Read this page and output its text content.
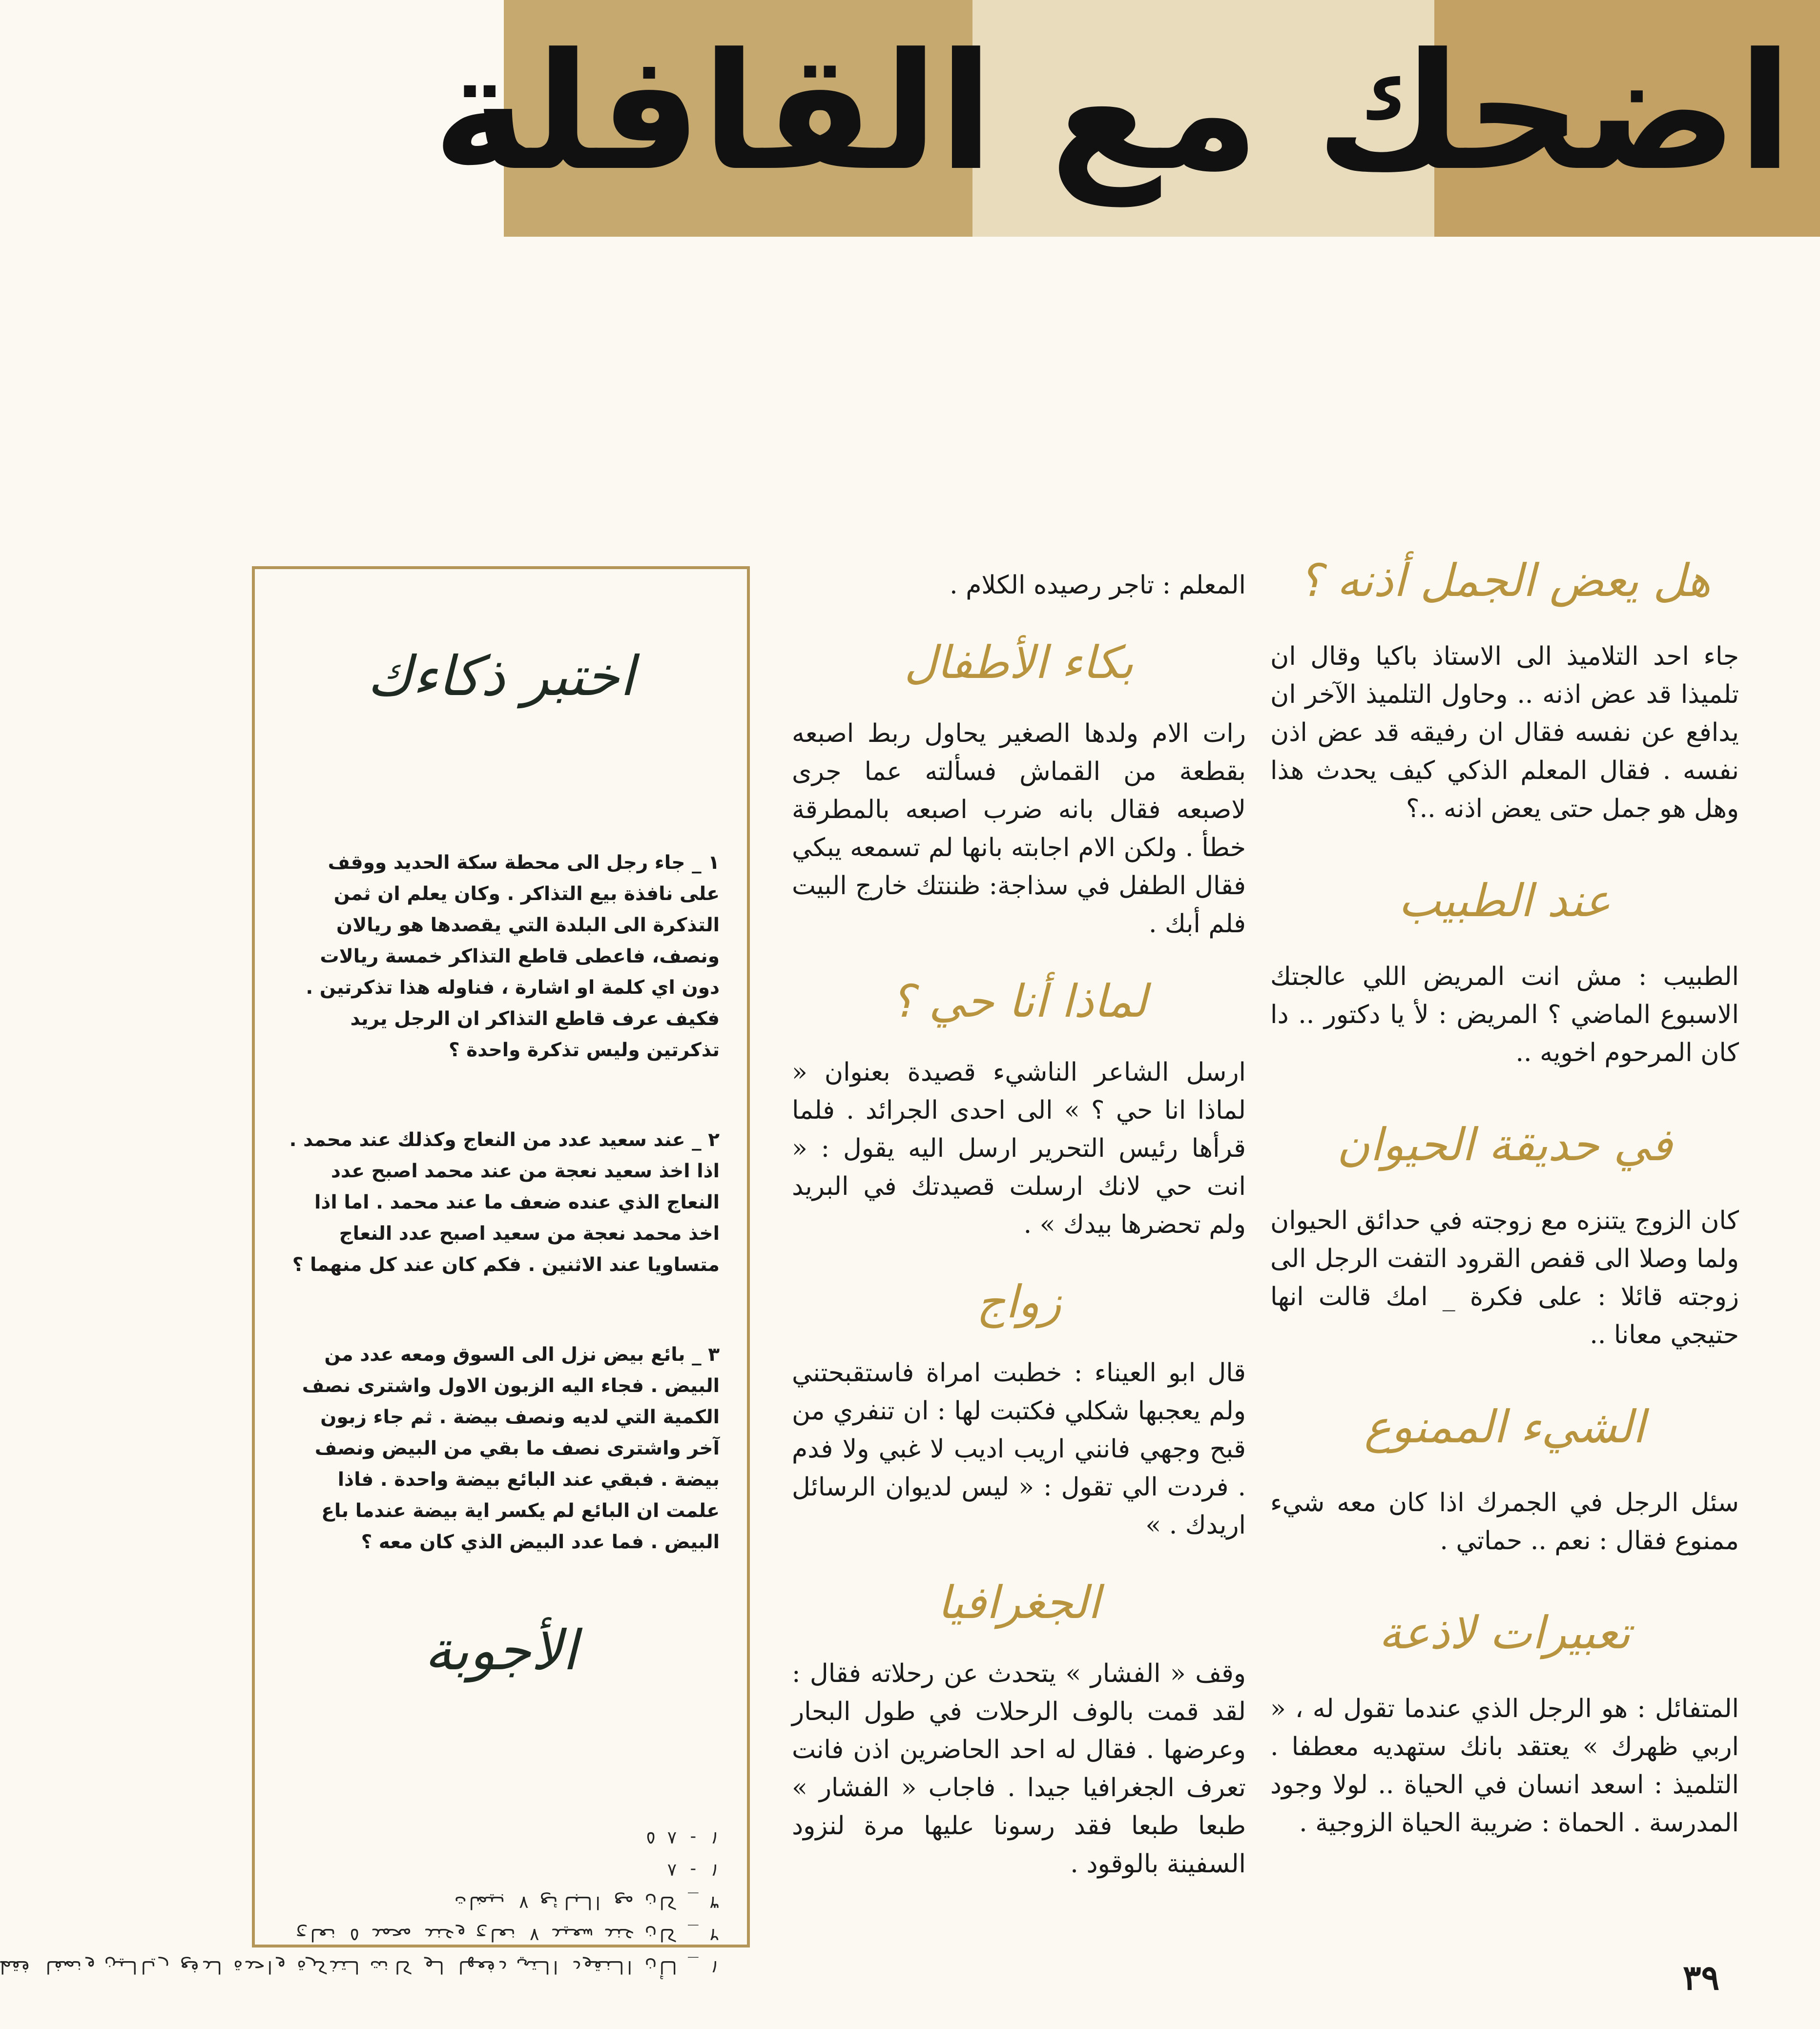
اضحك مع القافلة
هل يعض الجمل أذنه ؟

جاء احد التلاميذ الى الاستاذ باكيا وقال ان تلميذا قد عض اذنه .. وحاول التلميذ الآخر ان يدافع عن نفسه فقال ان رفيقه قد عض اذن نفسه . فقال المعلم الذكي كيف يحدث هذا وهل هو جمل حتى يعض اذنه ..؟

عند الطبيب

الطبيب : مش انت المريض اللي عالجتك الاسبوع الماضي ؟ المريض : لأ يا دكتور .. دا كان المرحوم اخويه ..

في حديقة الحيوان

كان الزوج يتنزه مع زوجته في حدائق الحيوان ولما وصلا الى قفص القرود التفت الرجل الى زوجته قائلا : على فكرة _ امك قالت انها حتيجي معانا ..

الشيء الممنوع

سئل الرجل في الجمرك اذا كان معه شيء ممنوع فقال : نعم .. حماتي .

تعبيرات لاذعة

المتفائل : هو الرجل الذي عندما تقول له ، « اربي ظهرك » يعتقد بانك ستهديه معطفا . التلميذ : اسعد انسان في الحياة .. لولا وجود المدرسة . الحماة : ضريبة الحياة الزوجية .

المعلم : تاجر رصيده الكلام .

بكاء الأطفال

رات الام ولدها الصغير يحاول ربط اصبعه بقطعة من القماش فسألته عما جرى لاصبعه فقال بانه ضرب اصبعه بالمطرقة خطأ . ولكن الام اجابته بانها لم تسمعه يبكي فقال الطفل في سذاجة: ظننتك خارج البيت فلم أبك .

لماذا أنا حي ؟

ارسل الشاعر الناشيء قصيدة بعنوان « لماذا انا حي ؟ » الى احدى الجرائد . فلما قرأها رئيس التحرير ارسل اليه يقول : « انت حي لانك ارسلت قصيدتك في البريد ولم تحضرها بيدك » .

زواج

قال ابو العيناء : خطبت امراة فاستقبحتني ولم يعجبها شكلي فكتبت لها : ان تنفري من قبح وجهي فانني اريب اديب لا غبي ولا فدم . فردت الي تقول : « ليس لديوان الرسائل اريدك . »

الجغرافيا

وقف « الفشار » يتحدث عن رحلاته فقال : لقد قمت بالوف الرحلات في طول البحار وعرضها . فقال له احد الحاضرين اذن فانت تعرف الجغرافيا جيدا . فاجاب « الفشار » طبعا طبعا فقد رسونا عليها مرة لنزود السفينة بالوقود .

اختبر ذكاءك

١ _ جاء رجل الى محطة سكة الحديد ووقف على نافذة بيع التذاكر . وكان يعلم ان ثمن التذكرة الى البلدة التي يقصدها هو ريالان ونصف، فاعطى قاطع التذاكر خمسة ريالات دون اي كلمة او اشارة ، فناوله هذا تذكرتين . فكيف عرف قاطع التذاكر ان الرجل يريد تذكرتين وليس تذكرة واحدة ؟

٢ _ عند سعيد عدد من النعاج وكذلك عند محمد . اذا اخذ سعيد نعجة من عند محمد اصبح عدد النعاج الذي عنده ضعف ما عند محمد . اما اذا اخذ محمد نعجة من سعيد اصبح عدد النعاج متساويا عند الاثنين . فكم كان عند كل منهما ؟

٣ _ بائع بيض نزل الى السوق ومعه عدد من البيض . فجاء اليه الزبون الاول واشترى نصف الكمية التي لديه ونصف بيضة . ثم جاء زبون آخر واشترى نصف ما بقي من البيض ونصف بيضة . فبقي عند البائع بيضة واحدة . فاذا علمت ان البائع لم يكسر اية بيضة عندما باع البيض . فما عدد البيض الذي كان معه ؟

الأجوبة
١ - ٨ ٥
١ - ٨
٣ _ كان مع البائع ٧ بيضات
٢ _ كان عند سعيد ٧ نعاج وعند محمد ٥ نعاج
١ _ لأن النقود التي دفعها لو كانت لتذكرة واحدة لدفع ريالين ونصفا فقط	٣٩
